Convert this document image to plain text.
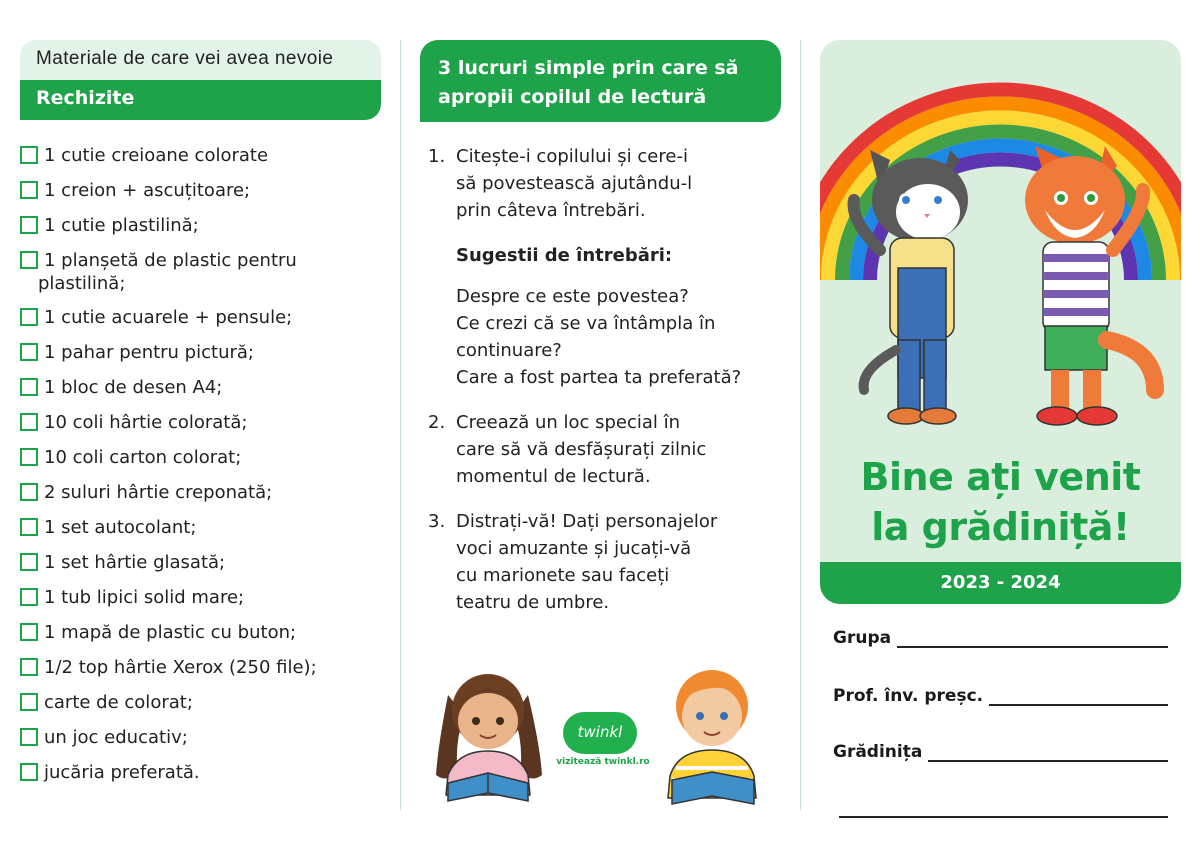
Materiale de care vei avea nevoie
Rechizite
1 cutie creioane colorate
1 creion + ascuțitoare;
1 cutie plastilină;
1 planșetă de plastic pentru
plastilină;
1 cutie acuarele + pensule;
1 pahar pentru pictură;
1 bloc de desen A4;
10 coli hârtie colorată;
10 coli carton colorat;
2 suluri hârtie creponată;
1 set autocolant;
1 set hârtie glasată;
1 tub lipici solid mare;
1 mapă de plastic cu buton;
1/2 top hârtie Xerox (250 file);
carte de colorat;
un joc educativ;
jucăria preferată.
3 lucruri simple prin care să
apropii copilul de lectură
1. Citește-i copilului și cere-i
să povestească ajutându-l
prin câteva întrebări.
Sugestii de întrebări:

Despre ce este povestea?

Ce crezi că se va întâmpla în

continuare?

Care a fost partea ta preferată?

2. Creează un loc special în
care să vă desfășurați zilnic
momentul de lectură.
3. Distrați-vă! Dați personajelor
voci amuzante și jucați-vă
cu marionete sau faceți
teatru de umbre.
twinkl
vizitează twinkl.ro
Bine ați venit
la grădiniță!
2023 - 2024
Grupa
Prof. înv. preșc.
Grădinița
